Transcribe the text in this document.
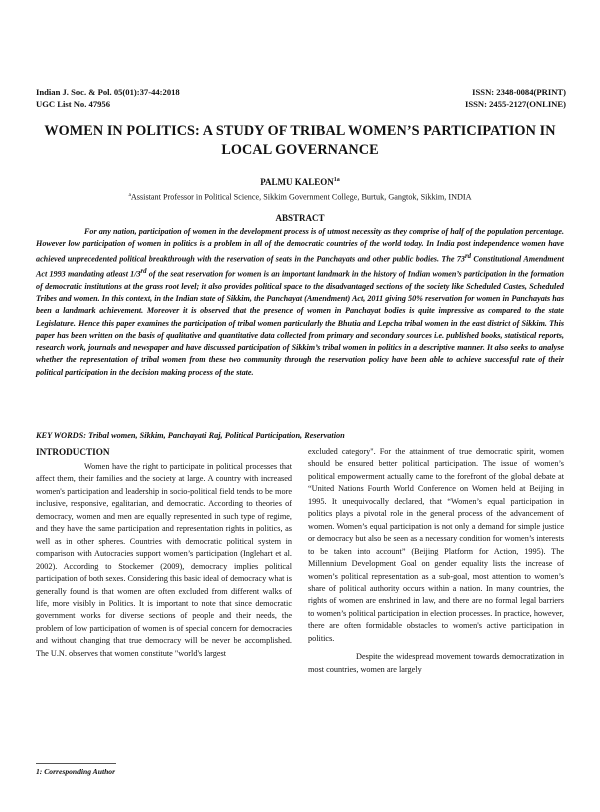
Indian J. Soc. & Pol. 05(01):37-44:2018
UGC List No. 47956
ISSN: 2348-0084(PRINT)
ISSN: 2455-2127(ONLINE)
WOMEN IN POLITICS: A STUDY OF TRIBAL WOMEN’S PARTICIPATION IN LOCAL GOVERNANCE
PALMU $KALEON^{1a}$
$^a$Assistant Professor in Political Science, Sikkim Government College, Burtuk, Gangtok, Sikkim, INDIA
ABSTRACT
For any nation, participation of women in the development process is of utmost necessity as they comprise of half of the population percentage. However low participation of women in politics is a problem in all of the democratic countries of the world today. In India post independence women have achieved unprecedented political breakthrough with the reservation of seats in the Panchayats and other public bodies. The 73rd Constitutional Amendment Act 1993 mandating atleast 1/3rd of the seat reservation for women is an important landmark in the history of Indian women’s participation in the formation of democratic institutions at the grass root level; it also provides political space to the disadvantaged sections of the society like Scheduled Castes, Scheduled Tribes and women. In this context, in the Indian state of Sikkim, the Panchayat (Amendment) Act, 2011 giving 50% reservation for women in Panchayats has been a landmark achievement. Moreover it is observed that the presence of women in Panchayat bodies is quite impressive as compared to the state Legislature. Hence this paper examines the participation of tribal women particularly the Bhutia and Lepcha tribal women in the east district of Sikkim. This paper has been written on the basis of qualitative and quantitative data collected from primary and secondary sources i.e. published books, statistical reports, research work, journals and newspaper and have discussed participation of Sikkim’s tribal women in politics in a descriptive manner. It also seeks to analyse whether the representation of tribal women from these two community through the reservation policy have been able to achieve successful rate of their political participation in the decision making process of the state.
KEY WORDS: Tribal women, Sikkim, Panchayati Raj, Political Participation, Reservation
INTRODUCTION

Women have the right to participate in political processes that affect them, their families and the society at large. A country with increased women's participation and leadership in socio-political field tends to be more inclusive, responsive, egalitarian, and democratic. According to theories of democracy, women and men are equally represented in such type of regime, and they have the same participation and representation rights in politics, as well as in other spheres. Countries with democratic political system in comparison with Autocracies support women’s participation (Inglehart et al. 2002). According to Stockemer (2009), democracy implies political participation of both sexes. Considering this basic ideal of democracy what is generally found is that women are often excluded from different walks of life, more visibly in Politics. It is important to note that since democratic government works for diverse sections of people and their needs, the problem of low participation of women is of special concern for democracies and without changing that true democracy will be never be accomplished. The U.N. observes that women constitute "world's largest

excluded category". For the attainment of true democratic spirit, women should be ensured better political participation. The issue of women’s political empowerment actually came to the forefront of the global debate at “United Nations Fourth World Conference on Women held at Beijing in 1995. It unequivocally declared, that “Women’s equal participation in politics plays a pivotal role in the general process of the advancement of women. Women’s equal participation is not only a demand for simple justice or democracy but also be seen as a necessary condition for women’s interests to be taken into account” (Beijing Platform for Action, 1995). The Millennium Development Goal on gender equality lists the increase of women’s political representation as a sub-goal, most attention to women’s share of political authority occurs within a nation. In many countries, the rights of women are enshrined in law, and there are no formal legal barriers to women’s political participation in election processes. In practice, however, there are often formidable obstacles to women's active participation in politics.

Despite the widespread movement towards democratization in most countries, women are largely

1: Corresponding Author
